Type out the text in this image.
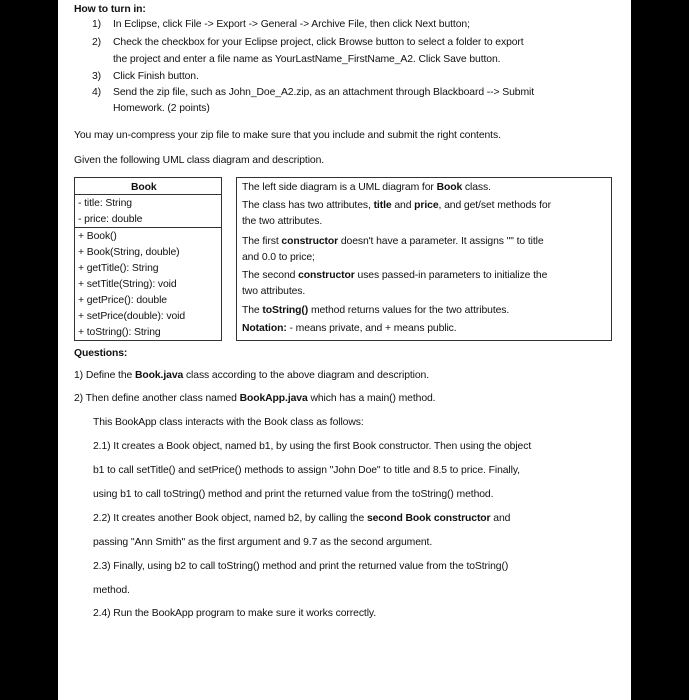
How to turn in:
1) In Eclipse, click File -> Export -> General -> Archive File, then click Next button;
2) Check the checkbox for your Eclipse project, click Browse button to select a folder to export
the project and enter a file name as YourLastName_FirstName_A2. Click Save button.
3) Click Finish button.
4) Send the zip file, such as John_Doe_A2.zip, as an attachment through Blackboard --> Submit
Homework. (2 points)
You may un-compress your zip file to make sure that you include and submit the right contents.
Given the following UML class diagram and description.
Book
- title: String
- price: double
+ Book()
+ Book(String, double)
+ getTitle(): String
+ setTitle(String): void
+ getPrice(): double
+ setPrice(double): void
+ toString(): String
The left side diagram is a UML diagram for Book class.
The class has two attributes, title and price, and get/set methods for
the two attributes.
The first constructor doesn't have a parameter. It assigns "" to title
and 0.0 to price;
The second constructor uses passed-in parameters to initialize the
two attributes.
The toString() method returns values for the two attributes.
Notation: - means private, and + means public.
Questions:
1) Define the Book.java class according to the above diagram and description.
2) Then define another class named BookApp.java which has a main() method.
This BookApp class interacts with the Book class as follows:
2.1) It creates a Book object, named b1, by using the first Book constructor. Then using the object
b1 to call setTitle() and setPrice() methods to assign "John Doe" to title and 8.5 to price. Finally,
using b1 to call toString() method and print the returned value from the toString() method.
2.2) It creates another Book object, named b2, by calling the second Book constructor and
passing "Ann Smith" as the first argument and 9.7 as the second argument.
2.3) Finally, using b2 to call toString() method and print the returned value from the toString()
method.
2.4) Run the BookApp program to make sure it works correctly.
